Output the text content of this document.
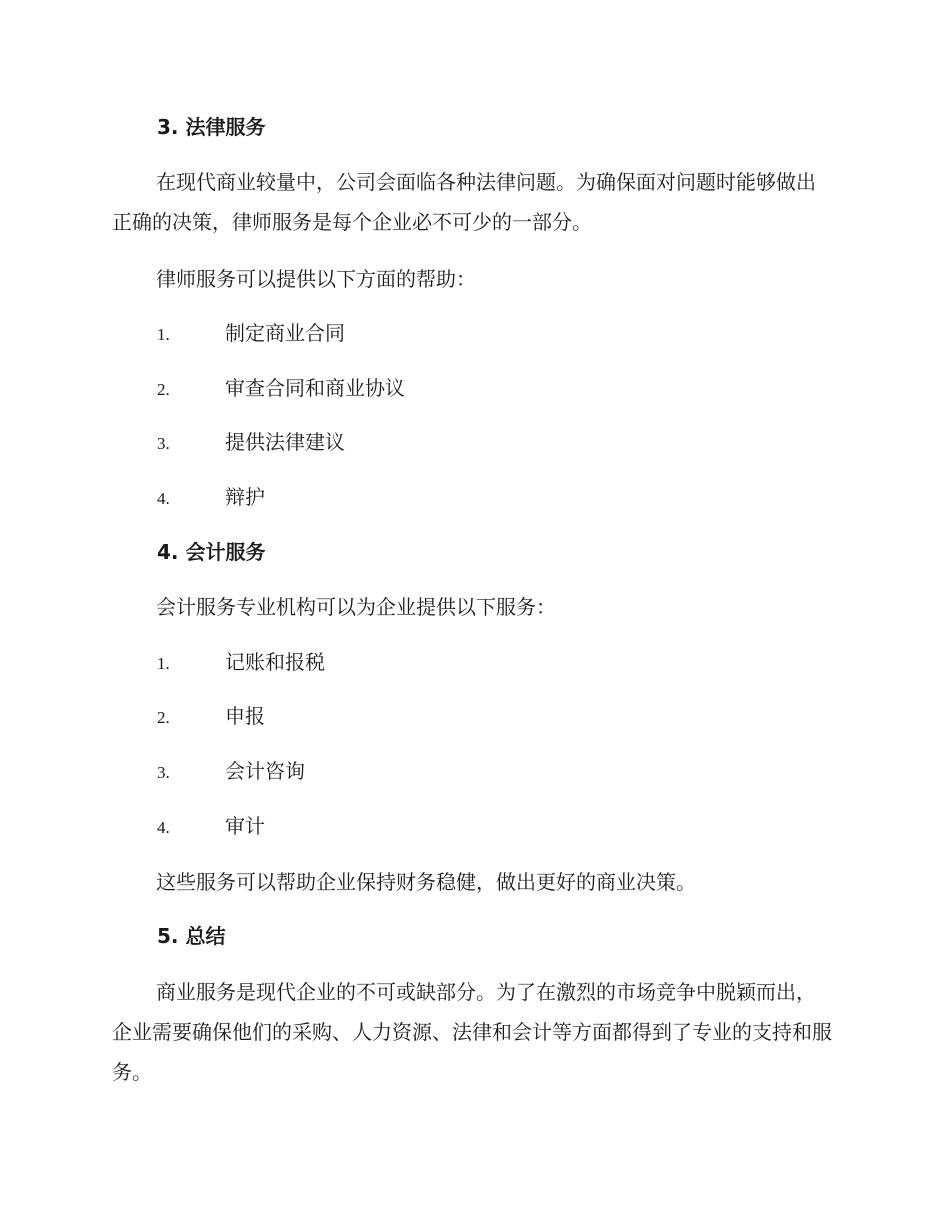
3. 法律服务

在现代商业较量中，公司会面临各种法律问题。为确保面对问题时能够做出正确的决策，律师服务是每个企业必不可少的一部分。

律师服务可以提供以下方面的帮助：

1.	制定商业合同
2.	审查合同和商业协议
3.	提供法律建议
4.	辩护
4. 会计服务

会计服务专业机构可以为企业提供以下服务：

1.	记账和报税
2.	申报
3.	会计咨询
4.	审计

这些服务可以帮助企业保持财务稳健，做出更好的商业决策。

5. 总结

商业服务是现代企业的不可或缺部分。为了在激烈的市场竞争中脱颖而出，企业需要确保他们的采购、人力资源、法律和会计等方面都得到了专业的支持和服务。
